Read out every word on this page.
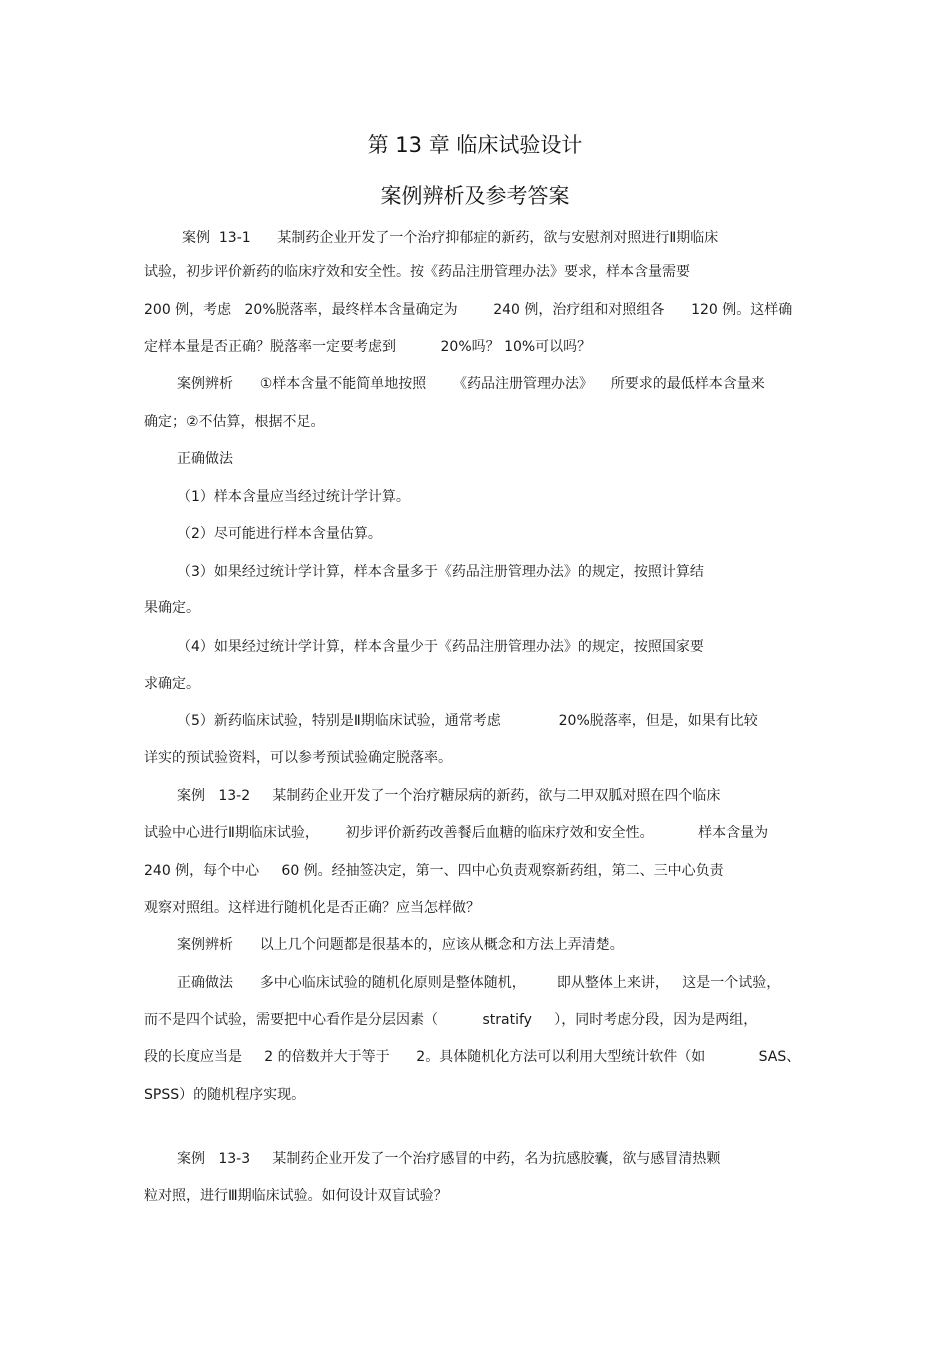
第 13 章 临床试验设计
案例辨析及参考答案
案例  13-1      某制药企业开发了一个治疗抑郁症的新药，欲与安慰剂对照进行Ⅱ期临床
试验，初步评价新药的临床疗效和安全性。按《药品注册管理办法》要求，样本含量需要
200 例，考虑   20%脱落率，最终样本含量确定为        240 例，治疗组和对照组各      120 例。这样确
定样本量是否正确？脱落率一定要考虑到          20%吗？ 10%可以吗？
案例辨析      ①样本含量不能简单地按照      《药品注册管理办法》    所要求的最低样本含量来
确定；②不估算，根据不足。
正确做法
（1）样本含量应当经过统计学计算。
（2）尽可能进行样本含量估算。
（3）如果经过统计学计算，样本含量多于《药品注册管理办法》的规定，按照计算结
果确定。
（4）如果经过统计学计算，样本含量少于《药品注册管理办法》的规定，按照国家要
求确定。
（5）新药临床试验，特别是Ⅱ期临床试验，通常考虑             20%脱落率，但是，如果有比较
详实的预试验资料，可以参考预试验确定脱落率。
案例   13-2     某制药企业开发了一个治疗糖尿病的新药，欲与二甲双胍对照在四个临床
试验中心进行Ⅱ期临床试验，      初步评价新药改善餐后血糖的临床疗效和安全性。          样本含量为
240 例，每个中心     60 例。经抽签决定，第一、四中心负责观察新药组，第二、三中心负责
观察对照组。这样进行随机化是否正确？应当怎样做？
案例辨析      以上几个问题都是很基本的，应该从概念和方法上弄清楚。
正确做法      多中心临床试验的随机化原则是整体随机，       即从整体上来讲，   这是一个试验，
而不是四个试验，需要把中心看作是分层因素（          stratify     ），同时考虑分段，因为是两组，
段的长度应当是     2 的倍数并大于等于      2。具体随机化方法可以利用大型统计软件（如            SAS、
SPSS）的随机程序实现。
案例   13-3     某制药企业开发了一个治疗感冒的中药，名为抗感胶囊，欲与感冒清热颗
粒对照，进行Ⅲ期临床试验。如何设计双盲试验？
